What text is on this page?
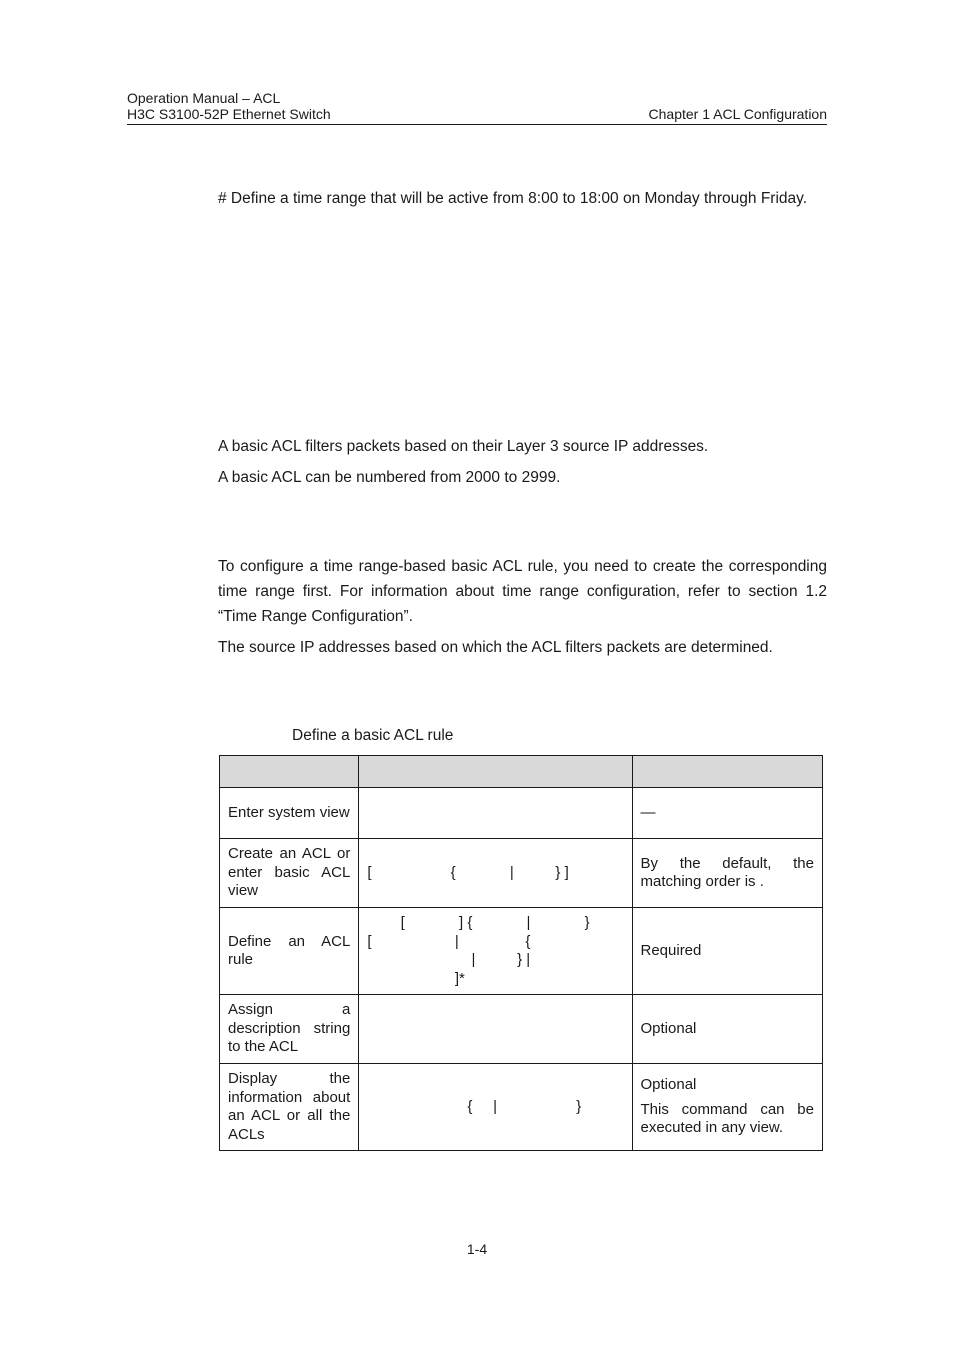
Operation Manual – ACL
H3C S3100-52P Ethernet Switch	Chapter 1 ACL Configuration

# Define a time range that will be active from 8:00 to 18:00 on Monday through Friday.

A basic ACL filters packets based on their Layer 3 source IP addresses.

A basic ACL can be numbered from 2000 to 2999.

To configure a time range-based basic ACL rule, you need to create the corresponding time range first. For information about time range configuration, refer to section 1.2 “Time Range Configuration”.

The source IP addresses based on which the ACL filters packets are determined.

Define a basic ACL rule

Enter system view		—

Create an ACL or enter basic ACL view	[                   {             |          } ]	By the default, the matching order is .

Define an ACL rule	[             ] {             |             }
[                    |                {
|          } |
]*	Required

Assign a description string to the ACL		Optional

Display the information about an ACL or all the ACLs	{     |                   }	Optional
This command can be executed in any view.
1-4
